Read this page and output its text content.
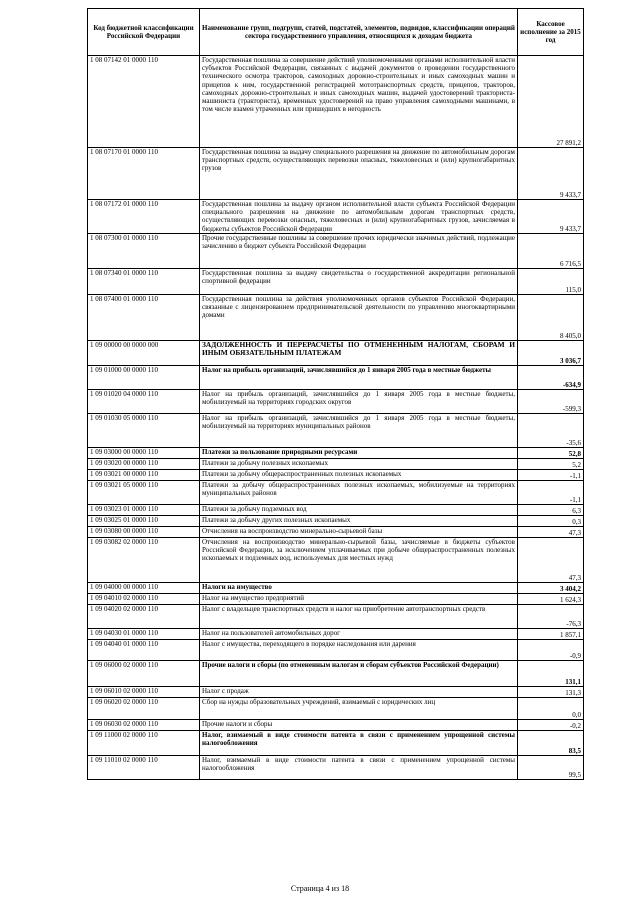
Код бюджетной классификации Российской Федерации	Наименование групп, подгрупп, статей, подстатей, элементов, подвидов, классификации операций сектора государственного управления, относящихся к доходам бюджета	Кассовое исполнение за 2015 год
1 08 07142 01 0000 110	Государственная пошлина за совершение действий уполномоченными органами исполнительной власти субъектов Российской Федерации, связанных с выдачей документов о проведении государственного технического осмотра тракторов, самоходных дорожно-строительных и иных самоходных машин и прицепов к ним, государственной регистрацией мототранспортных средств, прицепов, тракторов, самоходных дорожно-строительных и иных самоходных машин, выдачей удостоверений тракториста-машиниста (тракториста), временных удостоверений на право управления самоходными машинами, в том числе взамен утраченных или пришедших в негодность	27 891,2
1 08 07170 01 0000 110	Государственная пошлина за выдачу специального разрешения на движение по автомобильным дорогам транспортных средств, осуществляющих перевозки опасных, тяжеловесных и (или) крупногабаритных грузов	9 433,7
1 08 07172 01 0000 110	Государственная пошлина за выдачу органом исполнительной власти субъекта Российской Федерации специального разрешения на движение по автомобильным дорогам транспортных средств, осуществляющих перевозки опасных, тяжеловесных и (или) крупногабаритных грузов, зачисляемая в бюджеты субъектов Российской Федерации	9 433,7
1 08 07300 01 0000 110	Прочие государственные пошлины за совершение прочих юридически значимых действий, подлежащие зачислению в бюджет субъекта Российской Федерации	6 716,5
1 08 07340 01 0000 110	Государственная пошлина за выдачу свидетельства о государственной аккредитации региональной спортивной федерации	115,0
1 08 07400 01 0000 110	Государственная пошлина за действия уполномоченных органов субъектов Российской Федерации, связанные с лицензированием предпринимательской деятельности по управлению многоквартирными домами	8 405,0
1 09 00000 00 0000 000	ЗАДОЛЖЕННОСТЬ И ПЕРЕРАСЧЕТЫ ПО ОТМЕНЕННЫМ НАЛОГАМ, СБОРАМ И ИНЫМ ОБЯЗАТЕЛЬНЫМ ПЛАТЕЖАМ	3 036,7
1 09 01000 00 0000 110	Налог на прибыль организаций, зачислявшийся до 1 января 2005 года в местные бюджеты	-634,9
1 09 01020 04 0000 110	Налог на прибыль организаций, зачислявшийся до 1 января 2005 года в местные бюджеты, мобилизуемый на территориях городских округов	-599,3
1 09 01030 05 0000 110	Налог на прибыль организаций, зачислявшийся до 1 января 2005 года в местные бюджеты, мобилизуемый на территориях муниципальных районов	-35,6
1 09 03000 00 0000 110	Платежи за пользование природными ресурсами	52,8
1 09 03020 00 0000 110	Платежи за добычу полезных ископаемых	5,2
1 09 03021 00 0000 110	Платежи за добычу общераспространенных полезных ископаемых	-1,1
1 09 03021 05 0000 110	Платежи за добычу общераспространенных полезных ископаемых, мобилизуемые на территориях муниципальных районов	-1,1
1 09 03023 01 0000 110	Платежи за добычу подземных вод	6,3
1 09 03025 01 0000 110	Платежи за добычу других полезных ископаемых	0,3
1 09 03080 00 0000 110	Отчисления на воспроизводство минерально-сырьевой базы	47,3
1 09 03082 02 0000 110	Отчисления на воспроизводство минерально-сырьевой базы, зачисляемые в бюджеты субъектов Российской Федерации, за исключением уплачиваемых при добыче общераспространенных полезных ископаемых и подземных вод, используемых для местных нужд	47,3
1 09 04000 00 0000 110	Налоги на имущество	3 404,2
1 09 04010 02 0000 110	Налог на имущество предприятий	1 624,3
1 09 04020 02 0000 110	Налог с владельцев транспортных средств и налог на приобретение автотранспортных средств	-76,3
1 09 04030 01 0000 110	Налог на пользователей автомобильных дорог	1 857,1
1 09 04040 01 0000 110	Налог с имущества, переходящего в порядке наследования или дарения	-0,9
1 09 06000 02 0000 110	Прочие налоги и сборы (по отмененным налогам и сборам субъектов Российской Федерации)	131,1
1 09 06010 02 0000 110	Налог с продаж	131,3
1 09 06020 02 0000 110	Сбор на нужды образовательных учреждений, взимаемый с юридических лиц	0,0
1 09 06030 02 0000 110	Прочие налоги и сборы	-0,2
1 09 11000 02 0000 110	Налог, взимаемый в виде стоимости патента в связи с применением упрощенной системы налогообложения	83,5
1 09 11010 02 0000 110	Налог, взимаемый в виде стоимости патента в связи с применением упрощенной системы налогообложения	99,5
Страница 4 из 18
